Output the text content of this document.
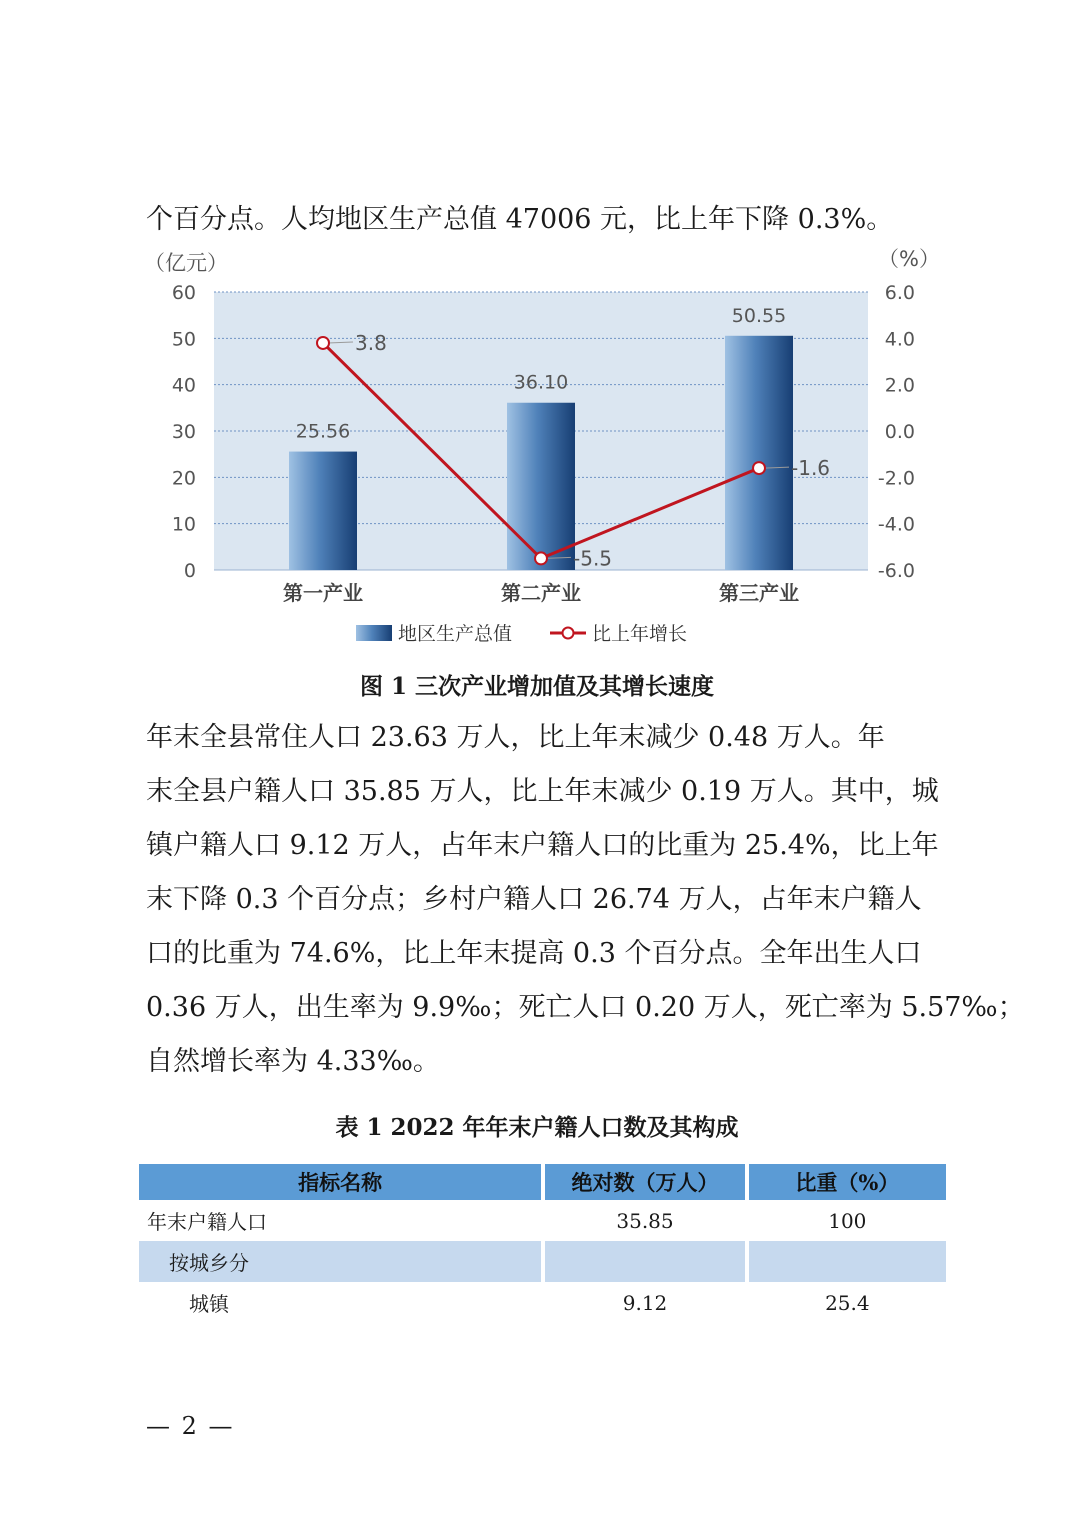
个百分点。人均地区生产总值 47006 元，比上年下降 0.3%。
0
10
20
30
40
50
60
-6.0
-4.0
-2.0
0.0
2.0
4.0
6.0
25.56
36.10
50.55
3.8
-5.5
-1.6
第一产业	第二产业	第三产业
（亿元）	（%）
地区生产总值	比上年增长
图 1 三次产业增加值及其增长速度
年末全县常住人口 23.63 万人，比上年末减少 0.48 万人。年
末全县户籍人口 35.85 万人，比上年末减少 0.19 万人。其中，城
镇户籍人口 9.12 万人，占年末户籍人口的比重为 25.4%，比上年
末下降 0.3 个百分点；乡村户籍人口 26.74 万人，占年末户籍人
口的比重为 74.6%，比上年末提高 0.3 个百分点。全年出生人口
0.36 万人，出生率为 9.9‰；死亡人口 0.20 万人，死亡率为 5.57‰；
自然增长率为 4.33‰。
表 1 2022 年年末户籍人口数及其构成
指标名称	绝对数（万人）	比重（%）
年末户籍人口	35.85	100
按城乡分		
城镇	9.12	25.4
— 2 —
